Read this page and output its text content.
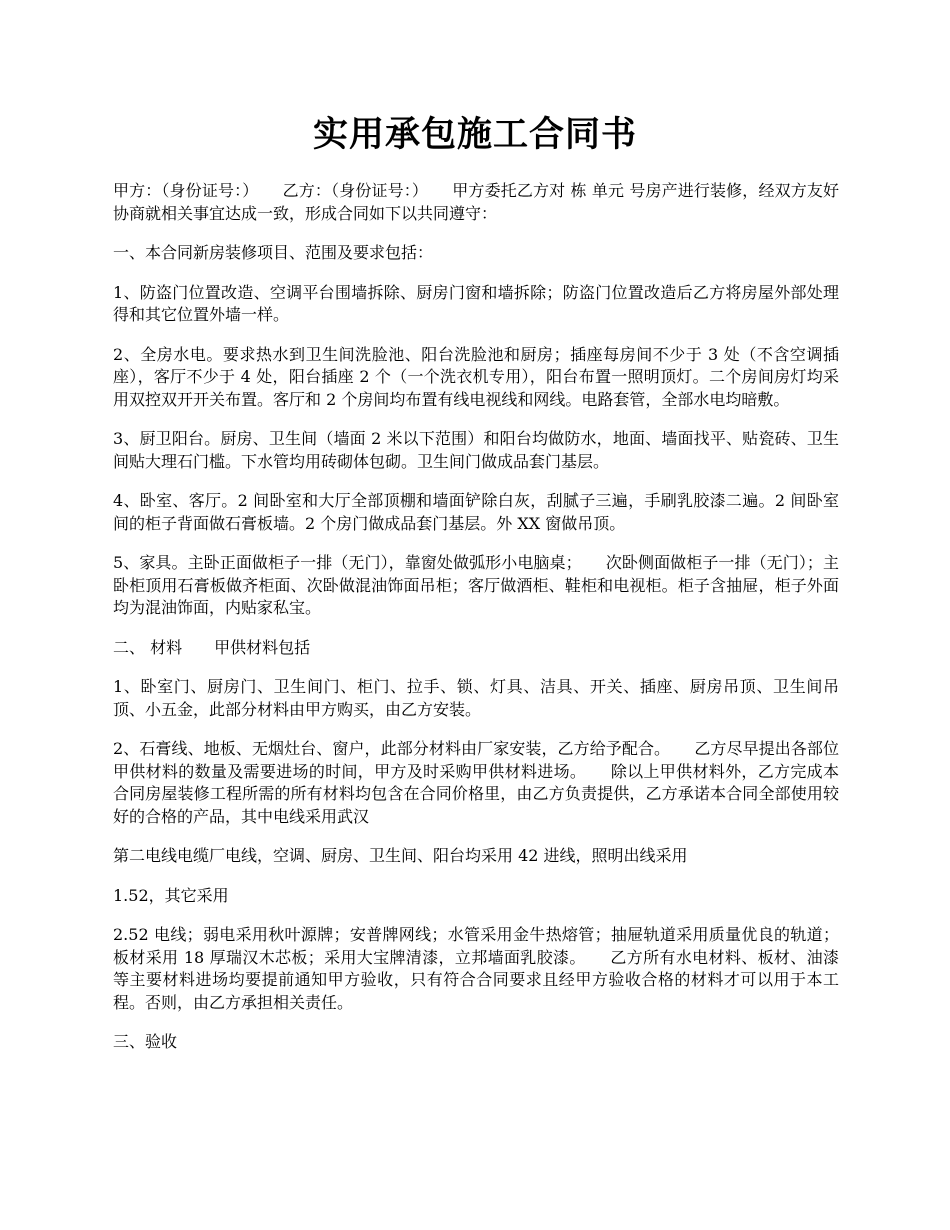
实用承包施工合同书

甲方：（身份证号：）　　乙方：（身份证号：）　　甲方委托乙方对 栋 单元 号房产进行装修，经双方友好协商就相关事宜达成一致，形成合同如下以共同遵守：

一、本合同新房装修项目、范围及要求包括：

1、防盗门位置改造、空调平台围墙拆除、厨房门窗和墙拆除；防盗门位置改造后乙方将房屋外部处理得和其它位置外墙一样。

2、全房水电。要求热水到卫生间洗脸池、阳台洗脸池和厨房；插座每房间不少于 3 处（不含空调插座），客厅不少于 4 处，阳台插座 2 个（一个洗衣机专用），阳台布置一照明顶灯。二个房间房灯均采用双控双开开关布置。客厅和 2 个房间均布置有线电视线和网线。电路套管，全部水电均暗敷。

3、厨卫阳台。厨房、卫生间（墙面 2 米以下范围）和阳台均做防水，地面、墙面找平、贴瓷砖、卫生间贴大理石门槛。下水管均用砖砌体包砌。卫生间门做成品套门基层。

4、卧室、客厅。2 间卧室和大厅全部顶棚和墙面铲除白灰，刮腻子三遍，手刷乳胶漆二遍。2 间卧室间的柜子背面做石膏板墙。2 个房门做成品套门基层。外 XX 窗做吊顶。

5、家具。主卧正面做柜子一排（无门），靠窗处做弧形小电脑桌；　　次卧侧面做柜子一排（无门）；主卧柜顶用石膏板做齐柜面、次卧做混油饰面吊柜；客厅做酒柜、鞋柜和电视柜。柜子含抽屉，柜子外面均为混油饰面，内贴家私宝。

二、 材料　　甲供材料包括

1、卧室门、厨房门、卫生间门、柜门、拉手、锁、灯具、洁具、开关、插座、厨房吊顶、卫生间吊顶、小五金，此部分材料由甲方购买，由乙方安装。

2、石膏线、地板、无烟灶台、窗户，此部分材料由厂家安装，乙方给予配合。　　乙方尽早提出各部位甲供材料的数量及需要进场的时间，甲方及时采购甲供材料进场。　　除以上甲供材料外，乙方完成本合同房屋装修工程所需的所有材料均包含在合同价格里，由乙方负责提供，乙方承诺本合同全部使用较好的合格的产品，其中电线采用武汉

第二电线电缆厂电线，空调、厨房、卫生间、阳台均采用 42 进线，照明出线采用

1.52，其它采用

2.52 电线；弱电采用秋叶源牌；安普牌网线；水管采用金牛热熔管；抽屉轨道采用质量优良的轨道；板材采用 18 厚瑞汉木芯板；采用大宝牌清漆，立邦墙面乳胶漆。　　乙方所有水电材料、板材、油漆等主要材料进场均要提前通知甲方验收，只有符合合同要求且经甲方验收合格的材料才可以用于本工程。否则，由乙方承担相关责任。

三、验收
